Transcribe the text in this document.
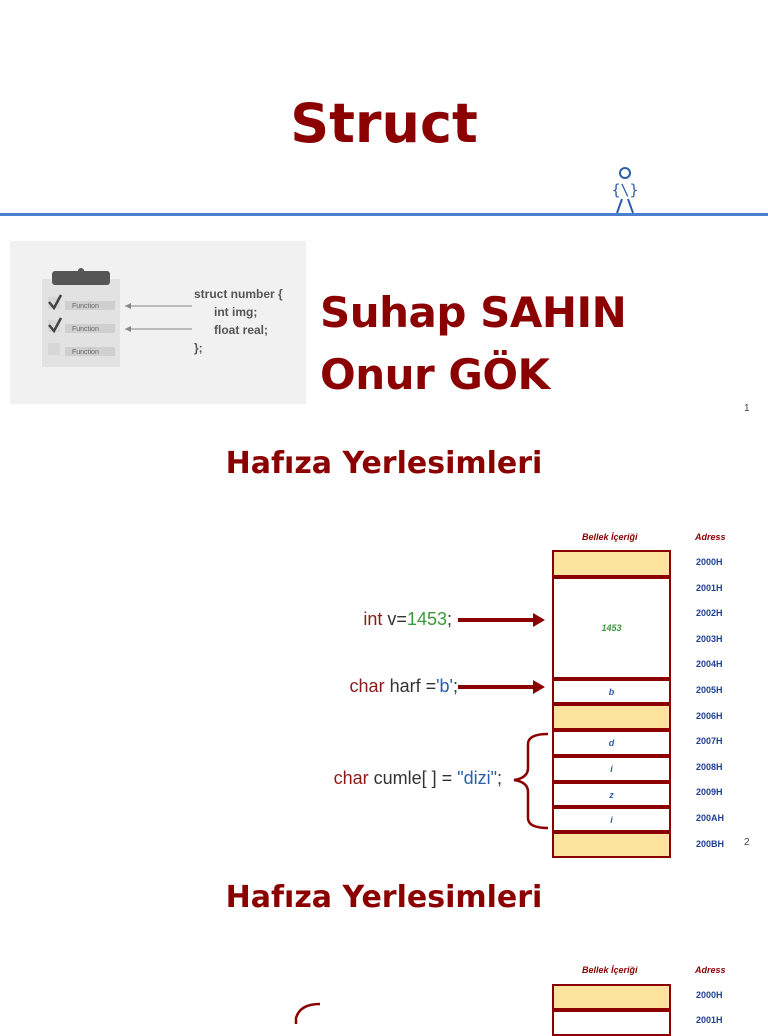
Struct
{\}
Function
Function
Function
struct number {
int img;
float real;
};
Suhap SAHIN
Onur GÖK
1
Hafıza Yerlesimleri
Bellek İçeriği	Adress
2000H
2001H
2002H
2003H
2004H
2005H
2006H
2007H
2008H
2009H
200AH
200BH
1453
b
d
i
z
i
int v=1453;
char harf ='b';
char cumle[ ] = "dizi";
2
Hafıza Yerlesimleri
Bellek İçeriği	Adress
2000H
2001H
